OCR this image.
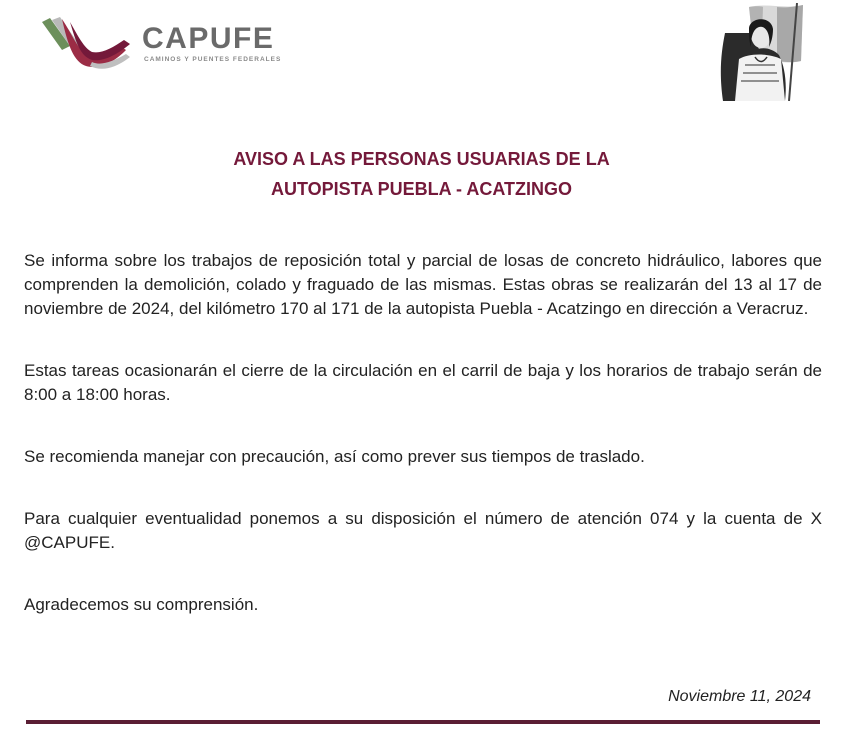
CAPUFE
CAMINOS Y PUENTES FEDERALES
AVISO A LAS PERSONAS USUARIAS DE LA
AUTOPISTA PUEBLA - ACATZINGO

Se informa sobre los trabajos de reposición total y parcial de losas de concreto hidráulico, labores que comprenden la demolición, colado y fraguado de las mismas. Estas obras se realizarán del 13 al 17 de noviembre de 2024, del kilómetro 170 al 171 de la autopista Puebla - Acatzingo en dirección a Veracruz.

Estas tareas ocasionarán el cierre de la circulación en el carril de baja y los horarios de trabajo serán de 8:00 a 18:00 horas.

Se recomienda manejar con precaución, así como prever sus tiempos de traslado.

Para cualquier eventualidad ponemos a su disposición el número de atención 074 y la cuenta de X @CAPUFE.

Agradecemos su comprensión.

Noviembre 11, 2024
